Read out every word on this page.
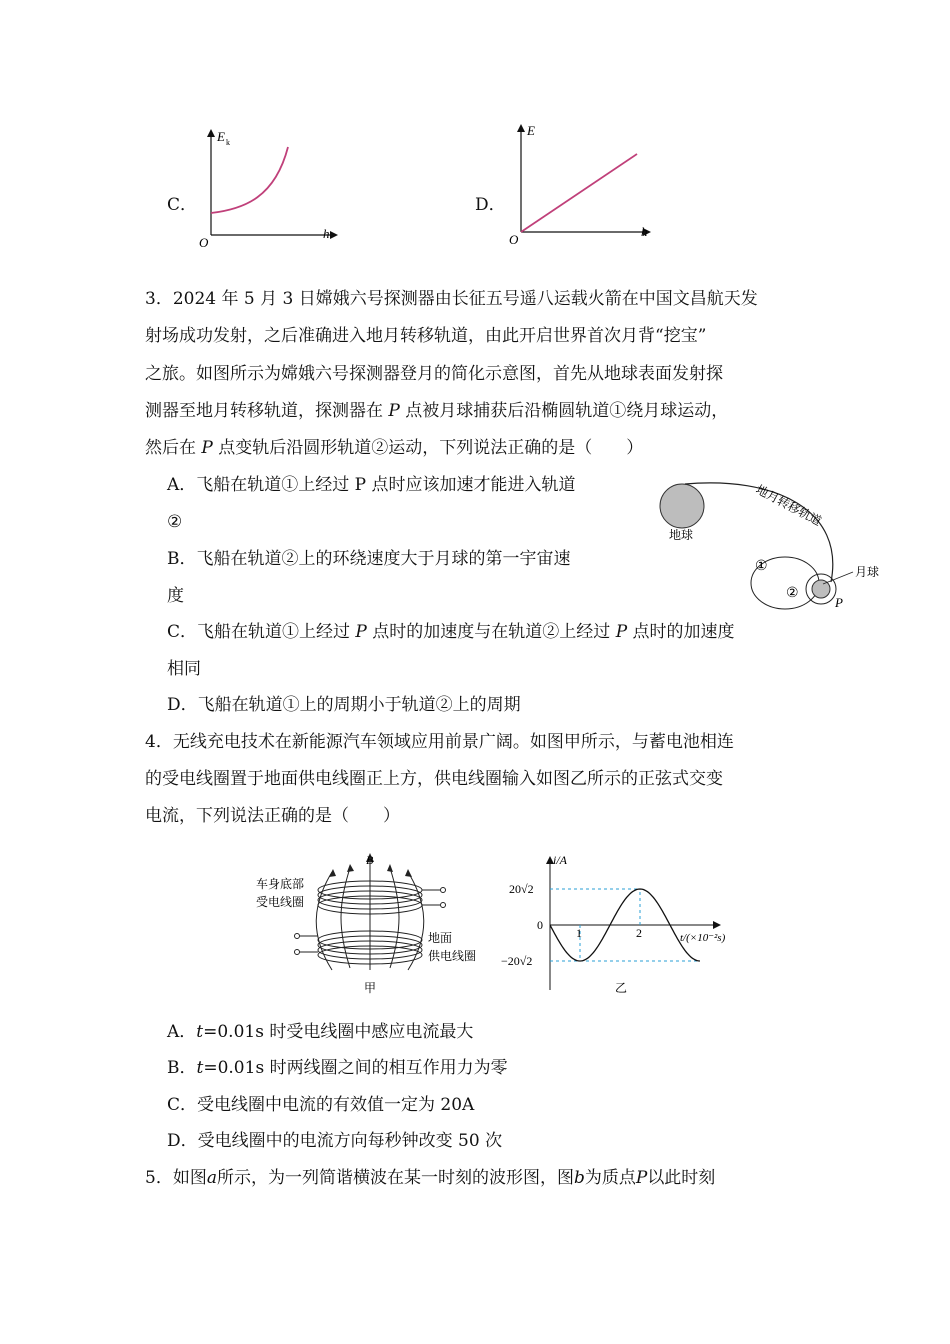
C．
E k
h
O
D．
E
h
O
3．2024 年 5 月 3 日嫦娥六号探测器由长征五号遥八运载火箭在中国文昌航天发
射场成功发射，之后准确进入地月转移轨道，由此开启世界首次月背“挖宝”
之旅。如图所示为嫦娥六号探测器登月的简化示意图，首先从地球表面发射探
测器至地月转移轨道，探测器在 P 点被月球捕获后沿椭圆轨道①绕月球运动，
然后在 P 点变轨后沿圆形轨道②运动，下列说法正确的是（　　）
A．飞船在轨道①上经过 P 点时应该加速才能进入轨道
②
B．飞船在轨道②上的环绕速度大于月球的第一宇宙速
度
C．飞船在轨道①上经过 P 点时的加速度与在轨道②上经过 P 点时的加速度
相同
D．飞船在轨道①上的周期小于轨道②上的周期
地球
地月转移轨道
①
②
月球
P
4．无线充电技术在新能源汽车领域应用前景广阔。如图甲所示，与蓄电池相连
的受电线圈置于地面供电线圈正上方，供电线圈输入如图乙所示的正弦式交变
电流，下列说法正确的是（　　）
B
车身底部
受电线圈
地面
供电线圈
甲
i/A
20√2
0
−20√2
1	2	t/(×10⁻²s)
乙
A．t=0.01s 时受电线圈中感应电流最大
B．t=0.01s 时两线圈之间的相互作用力为零
C．受电线圈中电流的有效值一定为 20A
D．受电线圈中的电流方向每秒钟改变 50 次
5．如图a所示，为一列简谐横波在某一时刻的波形图，图b为质点P以此时刻
